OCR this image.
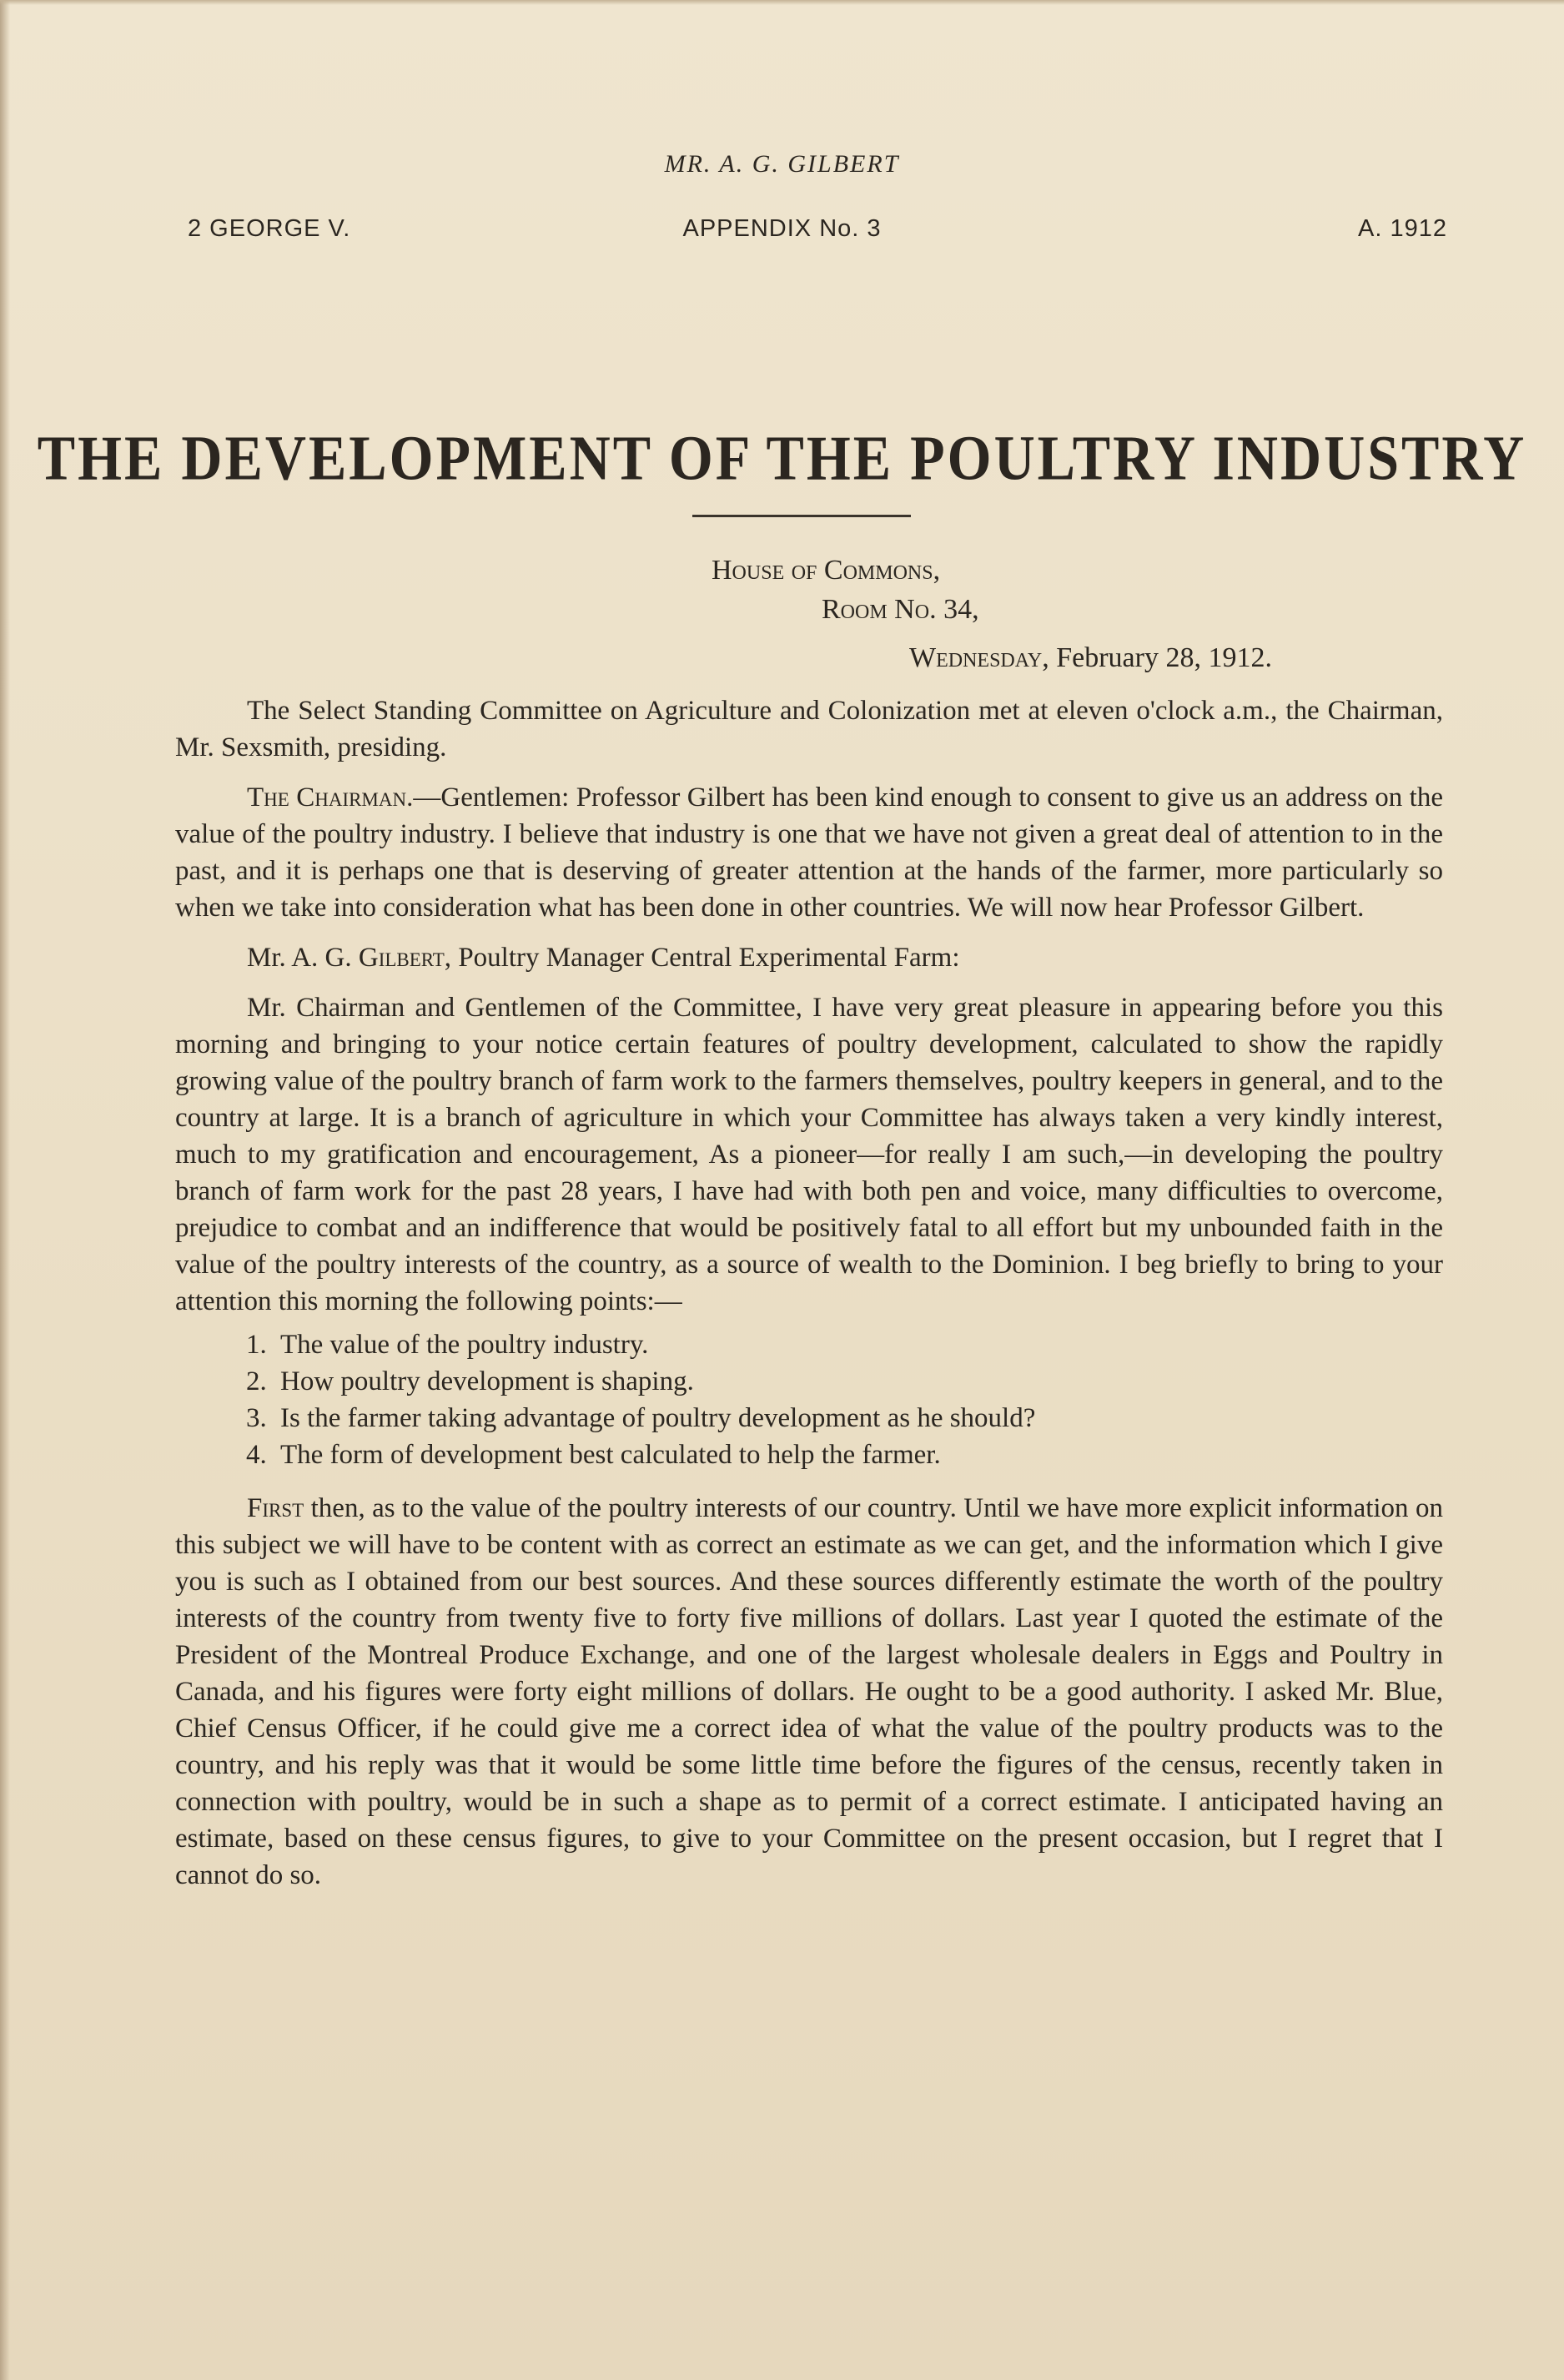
MR. A. G. GILBERT
2 GEORGE V.	APPENDIX No. 3	A. 1912
THE DEVELOPMENT OF THE POULTRY INDUSTRY
House of Commons,
Room No. 34,
Wednesday, February 28, 1912.

The Select Standing Committee on Agriculture and Colonization met at eleven o'clock a.m., the Chairman, Mr. Sexsmith, presiding.

The Chairman.—Gentlemen: Professor Gilbert has been kind enough to consent to give us an address on the value of the poultry industry. I believe that industry is one that we have not given a great deal of attention to in the past, and it is perhaps one that is deserving of greater attention at the hands of the farmer, more particularly so when we take into consideration what has been done in other countries. We will now hear Professor Gilbert.

Mr. A. G. Gilbert, Poultry Manager Central Experimental Farm:

Mr. Chairman and Gentlemen of the Committee, I have very great pleasure in appearing before you this morning and bringing to your notice certain features of poultry development, calculated to show the rapidly growing value of the poultry branch of farm work to the farmers themselves, poultry keepers in general, and to the country at large. It is a branch of agriculture in which your Committee has always taken a very kindly interest, much to my gratification and encouragement, As a pioneer—for really I am such,—in developing the poultry branch of farm work for the past 28 years, I have had with both pen and voice, many difficulties to overcome, prejudice to combat and an indifference that would be positively fatal to all effort but my unbounded faith in the value of the poultry interests of the country, as a source of wealth to the Dominion. I beg briefly to bring to your attention this morning the following points:—

1. The value of the poultry industry.
2. How poultry development is shaping.
3. Is the farmer taking advantage of poultry development as he should?
4. The form of development best calculated to help the farmer.

First then, as to the value of the poultry interests of our country. Until we have more explicit information on this subject we will have to be content with as correct an estimate as we can get, and the information which I give you is such as I obtained from our best sources. And these sources differently estimate the worth of the poultry interests of the country from twenty five to forty five millions of dollars. Last year I quoted the estimate of the President of the Montreal Produce Exchange, and one of the largest wholesale dealers in Eggs and Poultry in Canada, and his figures were forty eight millions of dollars. He ought to be a good authority. I asked Mr. Blue, Chief Census Officer, if he could give me a correct idea of what the value of the poultry products was to the country, and his reply was that it would be some little time before the figures of the census, recently taken in connection with poultry, would be in such a shape as to permit of a correct estimate. I anticipated having an estimate, based on these census figures, to give to your Committee on the present occasion, but I regret that I cannot do so.
